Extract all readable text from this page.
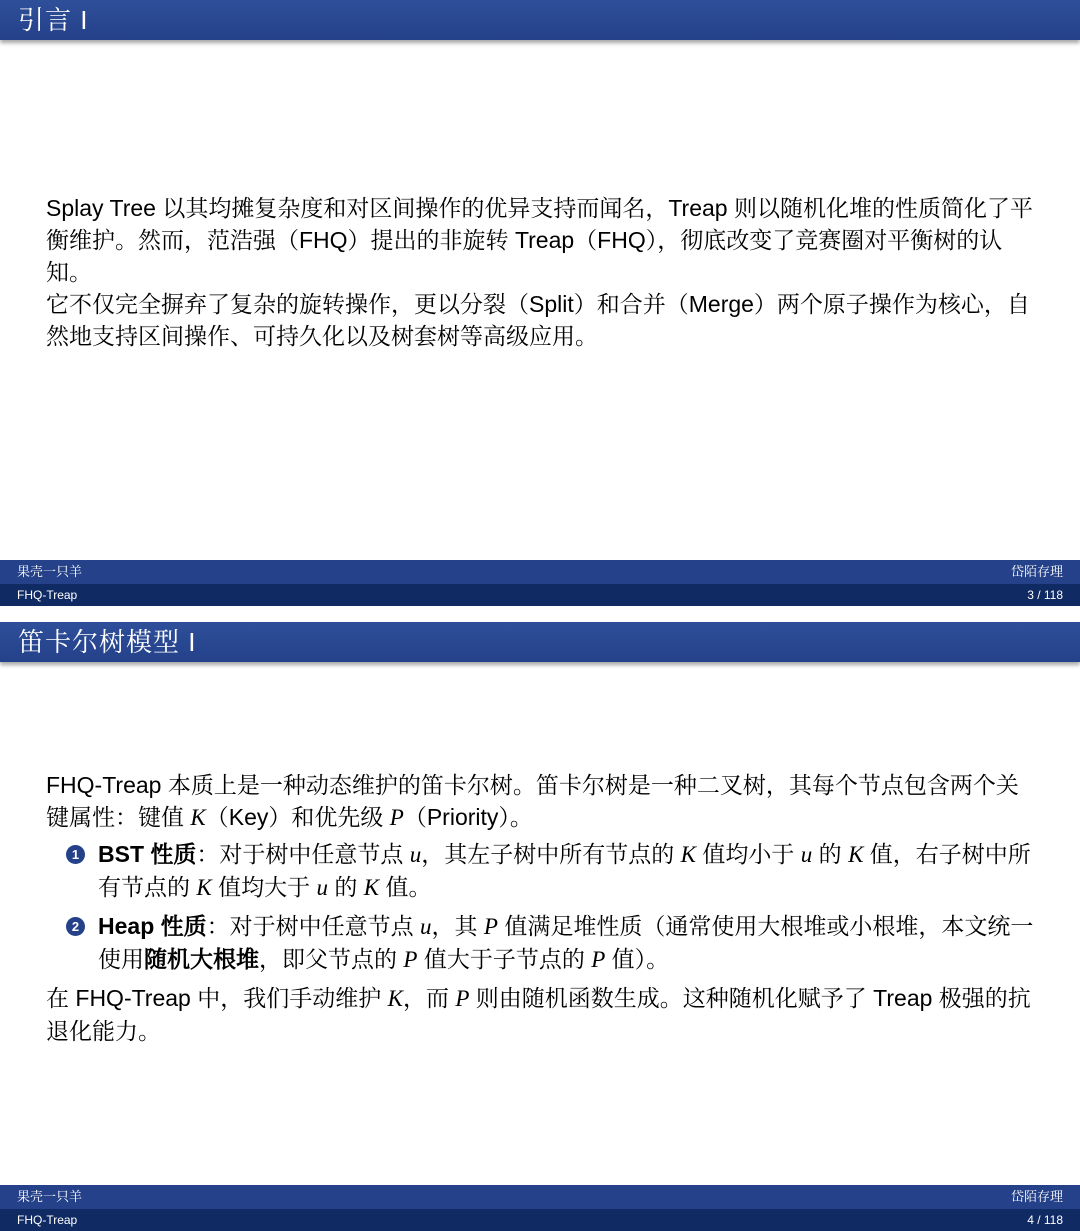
引言 I

Splay Tree 以其均摊复杂度和对区间操作的优异支持而闻名，Treap 则以随机化堆的性质简化了平衡维护。然而，范浩强（FHQ）提出的非旋转 Treap（FHQ），彻底改变了竞赛圈对平衡树的认知。

它不仅完全摒弃了复杂的旋转操作，更以分裂（Split）和合并（Merge）两个原子操作为核心，自然地支持区间操作、可持久化以及树套树等高级应用。

果壳一只羊	岱陌存理
FHQ-Treap	3 / 118
笛卡尔树模型 I

FHQ-Treap 本质上是一种动态维护的笛卡尔树。笛卡尔树是一种二叉树，其每个节点包含两个关键属性：键值 K（Key）和优先级 P（Priority）。

1 BST 性质：对于树中任意节点 u，其左子树中所有节点的 K 值均小于 u 的 K 值，右子树中所有节点的 K 值均大于 u 的 K 值。
2 Heap 性质：对于树中任意节点 u，其 P 值满足堆性质（通常使用大根堆或小根堆，本文统一使用随机大根堆，即父节点的 P 值大于子节点的 P 值）。

在 FHQ-Treap 中，我们手动维护 K，而 P 则由随机函数生成。这种随机化赋予了 Treap 极强的抗退化能力。

果壳一只羊	岱陌存理
FHQ-Treap	4 / 118
